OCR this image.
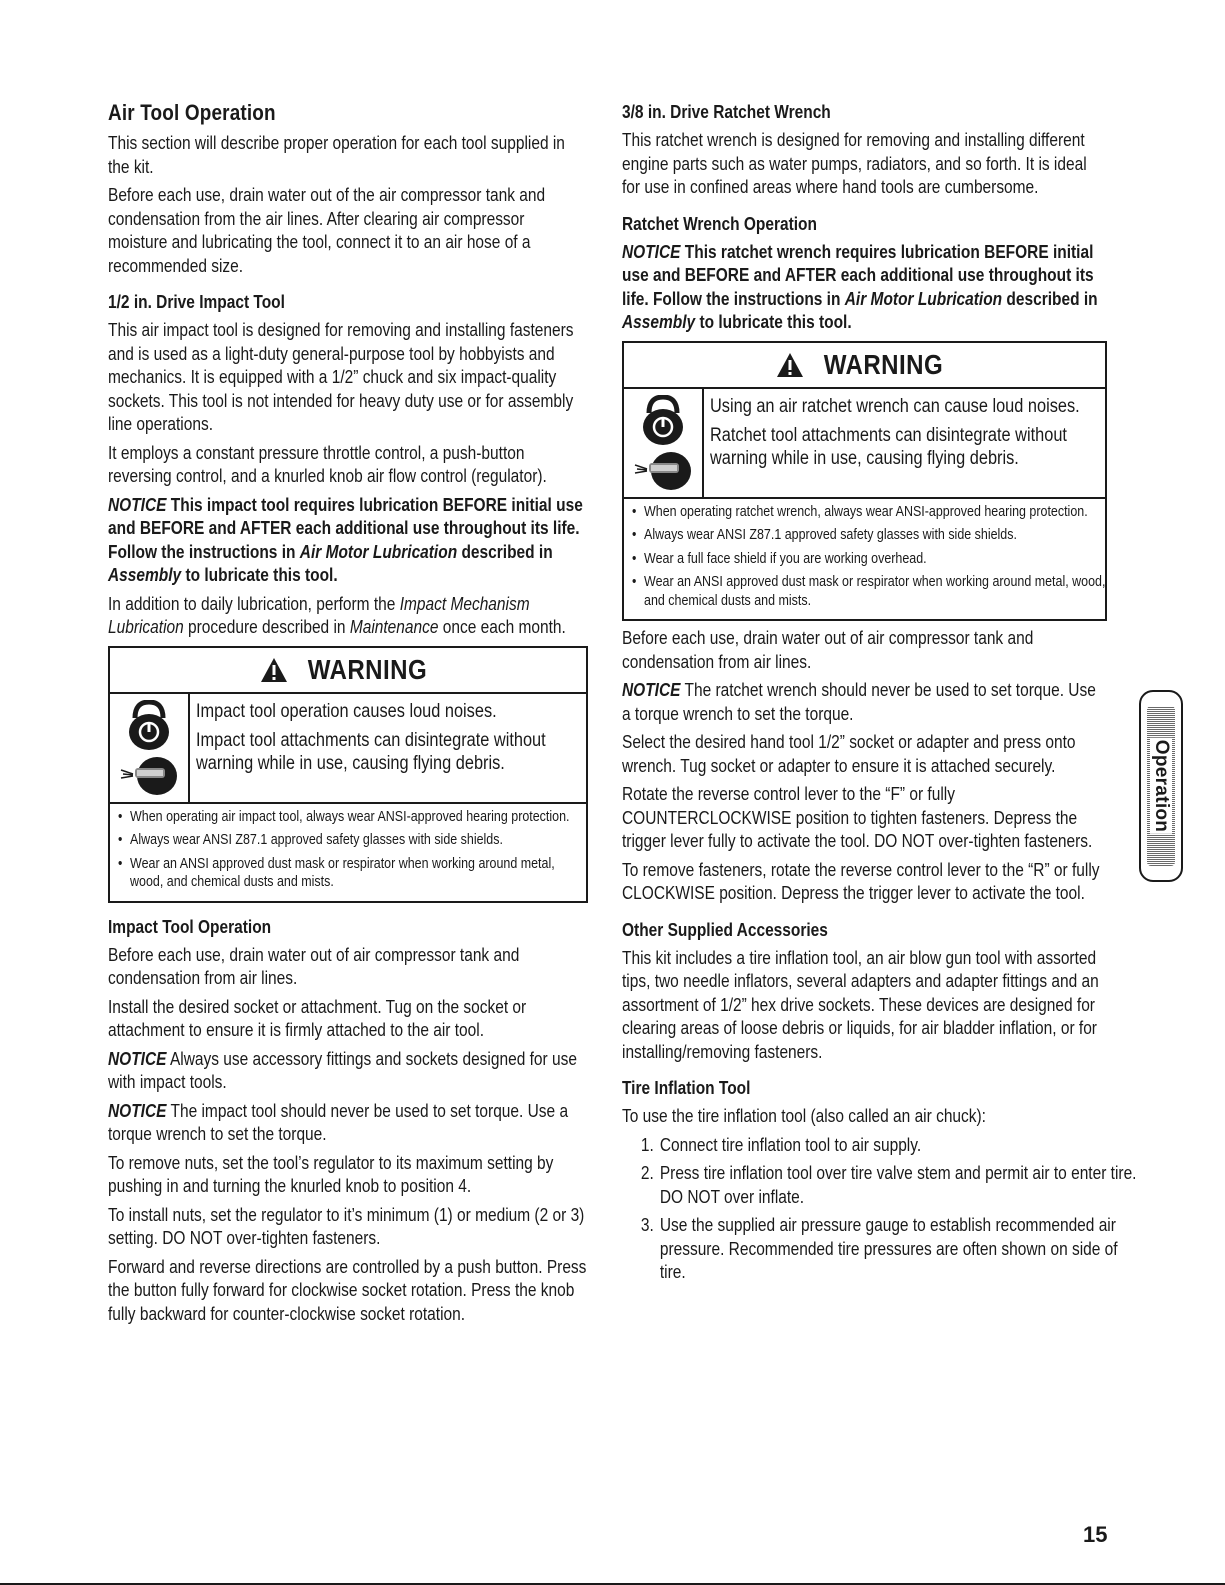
Air Tool Operation

This section will describe proper operation for each tool supplied in the kit.

Before each use, drain water out of the air compressor tank and condensation from the air lines. After clearing air compressor moisture and lubricating the tool, connect it to an air hose of a recommended size.

1/2 in. Drive Impact Tool

This air impact tool is designed for removing and installing fasteners and is used as a light-duty general-purpose tool by hobbyists and mechanics. It is equipped with a 1/2” chuck and six impact-quality sockets. This tool is not intended for heavy duty use or for assembly line operations.

It employs a constant pressure throttle control, a push-button reversing control, and a knurled knob air flow control (regulator).

NOTICE This impact tool requires lubrication BEFORE initial use and BEFORE and AFTER each additional use throughout its life. Follow the instructions in Air Motor Lubrication described in Assembly to lubricate this tool.

In addition to daily lubrication, perform the Impact Mechanism Lubrication procedure described in Maintenance once each month.

WARNING

Impact tool operation causes loud noises.

Impact tool attachments can disintegrate without warning while in use, causing flying debris.

• When operating air impact tool, always wear ANSI-approved hearing protection.
• Always wear ANSI Z87.1 approved safety glasses with side shields.
• Wear an ANSI approved dust mask or respirator when working around metal, wood, and chemical dusts and mists.
Impact Tool Operation

Before each use, drain water out of air compressor tank and condensation from air lines.

Install the desired socket or attachment. Tug on the socket or attachment to ensure it is firmly attached to the air tool.

NOTICE Always use accessory fittings and sockets designed for use with impact tools.

NOTICE The impact tool should never be used to set torque. Use a torque wrench to set the torque.

To remove nuts, set the tool’s regulator to its maximum setting by pushing in and turning the knurled knob to position 4.

To install nuts, set the regulator to it’s minimum (1) or medium (2 or 3) setting. DO NOT over-tighten fasteners.

Forward and reverse directions are controlled by a push button. Press the button fully forward for clockwise socket rotation. Press the knob fully backward for counter-clockwise socket rotation.

3/8 in. Drive Ratchet Wrench

This ratchet wrench is designed for removing and installing different engine parts such as water pumps, radiators, and so forth. It is ideal for use in confined areas where hand tools are cumbersome.

Ratchet Wrench Operation

NOTICE This ratchet wrench requires lubrication BEFORE initial use and BEFORE and AFTER each additional use throughout its life. Follow the instructions in Air Motor Lubrication described in Assembly to lubricate this tool.

WARNING

Using an air ratchet wrench can cause loud noises.

Ratchet tool attachments can disintegrate without warning while in use, causing flying debris.

• When operating ratchet wrench, always wear ANSI-approved hearing protection.
• Always wear ANSI Z87.1 approved safety glasses with side shields.
• Wear a full face shield if you are working overhead.
• Wear an ANSI approved dust mask or respirator when working around metal, wood, and chemical dusts and mists.

Before each use, drain water out of air compressor tank and condensation from air lines.

NOTICE The ratchet wrench should never be used to set torque. Use a torque wrench to set the torque.

Select the desired hand tool 1/2” socket or adapter and press onto wrench. Tug socket or adapter to ensure it is attached securely.

Rotate the reverse control lever to the “F” or fully COUNTERCLOCKWISE position to tighten fasteners. Depress the trigger lever fully to activate the tool. DO NOT over-tighten fasteners.

To remove fasteners, rotate the reverse control lever to the “R” or fully CLOCKWISE position. Depress the trigger lever to activate the tool.

Other Supplied Accessories

This kit includes a tire inflation tool, an air blow gun tool with assorted tips, two needle inflators, several adapters and adapter fittings and an assortment of 1/2” hex drive sockets. These devices are designed for clearing areas of loose debris or liquids, for air bladder inflation, or for installing/removing fasteners.

Tire Inflation Tool

To use the tire inflation tool (also called an air chuck):

1. Connect tire inflation tool to air supply.
2. Press tire inflation tool over tire valve stem and permit air to enter tire. DO NOT over inflate.
3. Use the supplied air pressure gauge to establish recommended air pressure. Recommended tire pressures are often shown on side of tire.
Operation
15
